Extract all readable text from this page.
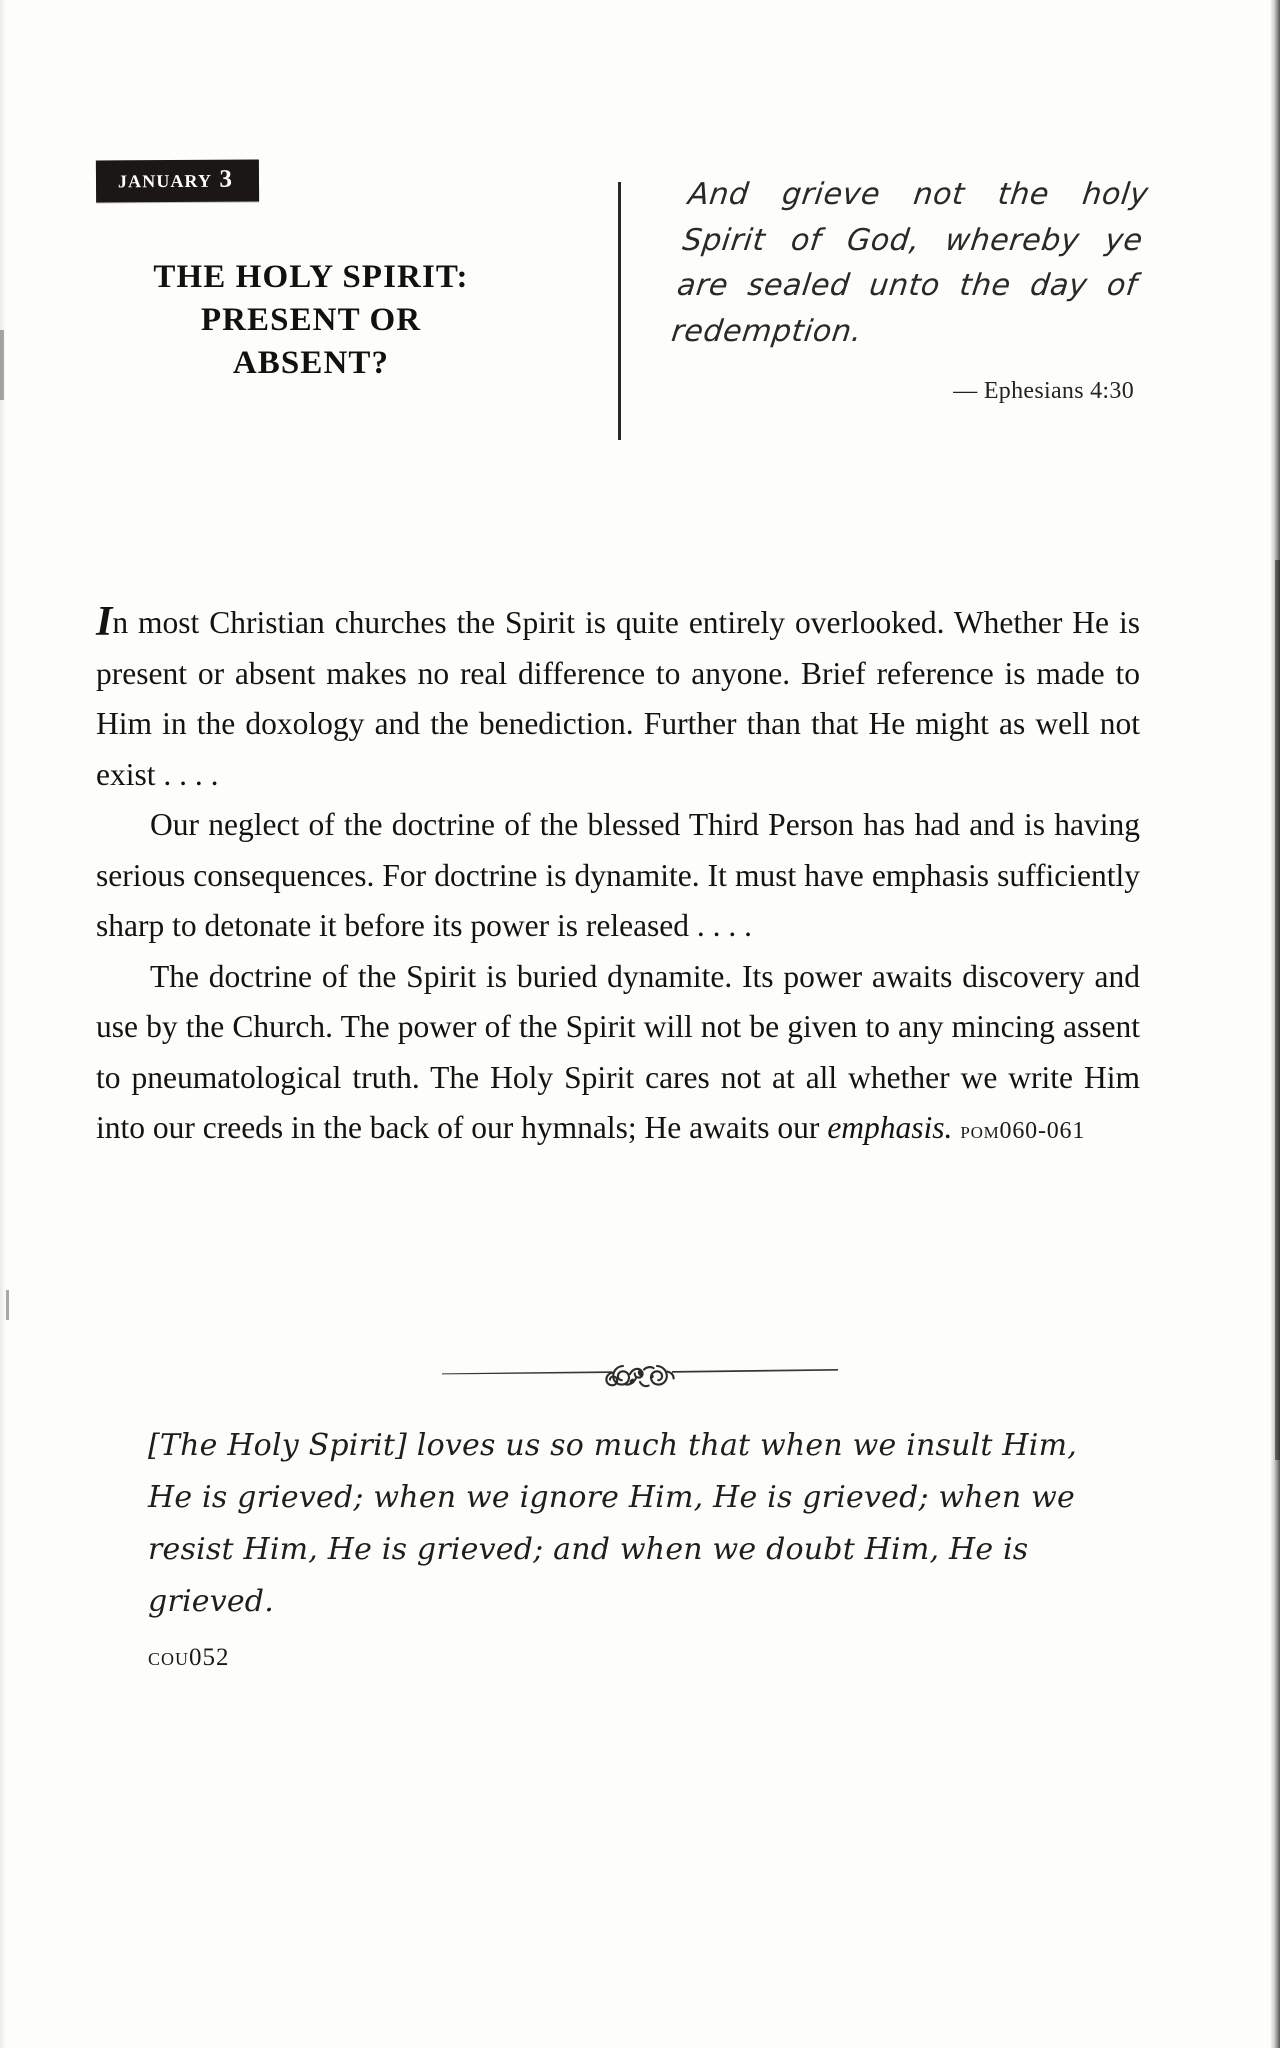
january 3
THE HOLY SPIRIT:
PRESENT OR
ABSENT?
And grieve not the holy Spirit of God, whereby ye are sealed unto the day of redemption.
— Ephesians 4:30

In most Christian churches the Spirit is quite entirely overlooked. Whether He is present or absent makes no real difference to anyone. Brief reference is made to Him in the doxology and the benediction. Further than that He might as well not exist . . . .

Our neglect of the doctrine of the blessed Third Person has had and is having serious consequences. For doctrine is dynamite. It must have emphasis sufficiently sharp to detonate it before its power is released . . . .

The doctrine of the Spirit is buried dynamite. Its power awaits discovery and use by the Church. The power of the Spirit will not be given to any mincing assent to pneumatological truth. The Holy Spirit cares not at all whether we write Him into our creeds in the back of our hymnals; He awaits our emphasis. pom060-061

[The Holy Spirit] loves us so much that when we insult Him, He is grieved; when we ignore Him, He is grieved; when we resist Him, He is grieved; and when we doubt Him, He is grieved.
cou052
